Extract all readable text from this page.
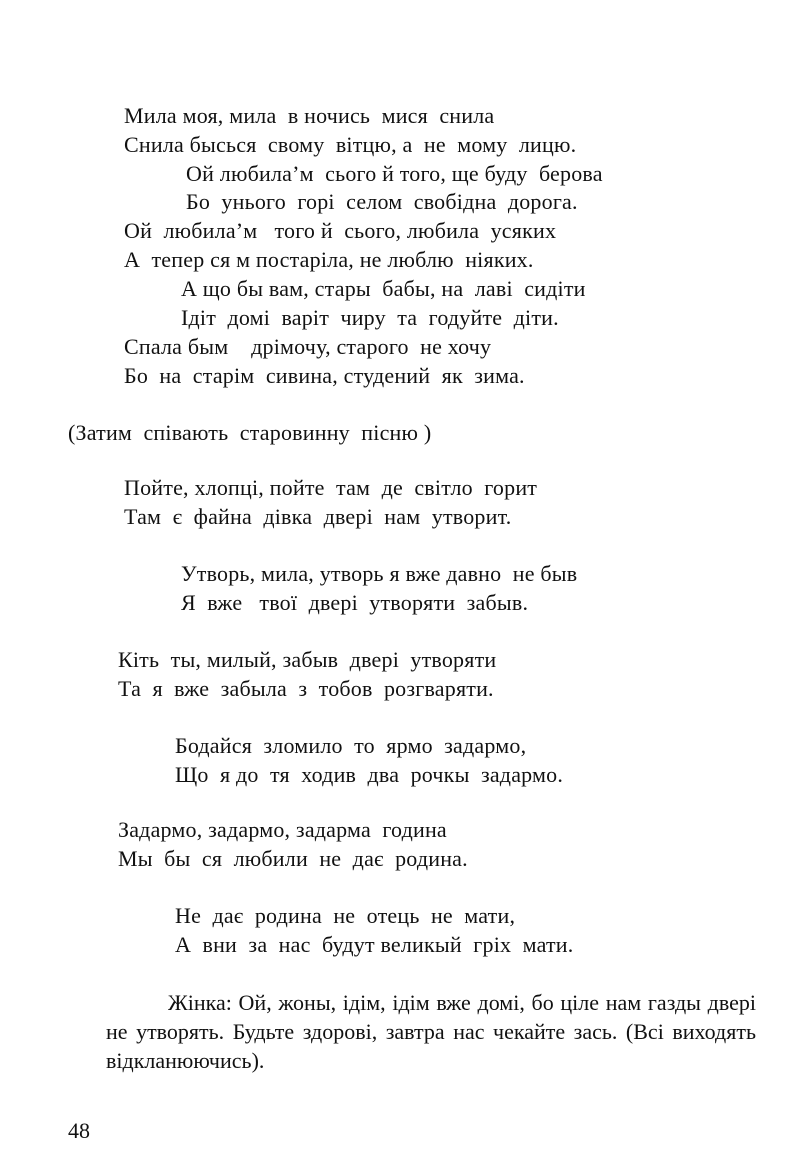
Мила моя, мила  в ночись  мися  снила
Снила бысься  свому  вітцю, а  не  мому  лицю.
Ой любила’м  сього й того, ще буду  берова
Бо  унього  горі  селом  свобідна  дорога.
Ой  любила’м   того й  сього, любила  усяких
А  тепер ся м постаріла, не люблю  ніяких.
А що бы вам, стары  бабы, на  лаві  сидіти
Ідіт  домі  варіт  чиру  та  годуйте  діти.
Спала бым    дрімочу, старого  не хочу
Бо  на  старім  сивина, студений  як  зима.
(Затим  співають  старовинну  пісню )
Пойте, хлопці, пойте  там  де  світло  горит
Там  є  файна  дівка  двері  нам  утворит.
Утворь, мила, утворь я вже давно  не быв
Я  вже   твої  двері  утворяти  забыв.
Кіть  ты, милый, забыв  двері  утворяти
Та  я  вже  забыла  з  тобов  розгваряти.
Бодайся  зломило  то  ярмо  задармо,
Що  я до  тя  ходив  два  рочкы  задармо.
Задармо, задармо, задарма  година
Мы  бы  ся  любили  не  дає  родина.
Не  дає  родина  не  отець  не  мати,
А  вни  за  нас  будут великый  гріх  мати.

Жінка: Ой, жоны, ідім, ідім вже домі, бо ціле нам газды двері не утворять. Будьте здорові, завтра нас чекайте зась. (Всі виходять відкланюючись).

48
